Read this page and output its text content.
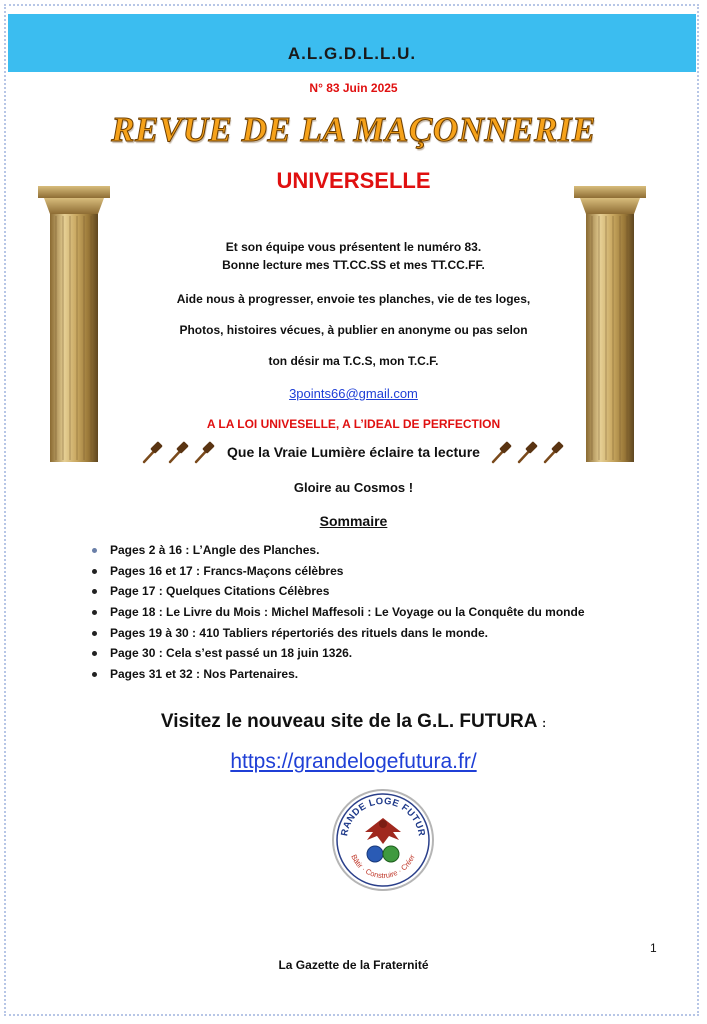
A.L.G.D.L.L.U.
N° 83 Juin 2025
REVUE DE LA MAÇONNERIE
UNIVERSELLE
Et son équipe vous présentent le numéro 83.
Bonne lecture mes TT.CC.SS et mes TT.CC.FF.
Aide nous à progresser, envoie tes planches, vie de tes loges,
Photos, histoires vécues, à publier en anonyme ou pas selon
ton désir ma T.C.S, mon T.C.F.
3points66@gmail.com
A LA LOI UNIVESELLE, A L’IDEAL DE PERFECTION
Que la Vraie Lumière éclaire ta lecture
Gloire au Cosmos !
Sommaire
Pages 2 à 16 : L’Angle des Planches.
Pages 16 et 17 : Francs-Maçons célèbres
Page 17 : Quelques Citations Célèbres
Page 18 : Le Livre du Mois : Michel Maffesoli : Le Voyage ou la Conquête du monde
Pages 19 à 30 : 410 Tabliers répertoriés des rituels dans le monde.
Page 30 : Cela s’est passé un 18 juin 1326.
Pages 31 et 32 : Nos Partenaires.
Visitez le nouveau site de la G.L. FUTURA :
https://grandelogefutura.fr/
RANDE LOGE FUTUR
Bâtir · Construire · Créer
1
La Gazette de la Fraternité
